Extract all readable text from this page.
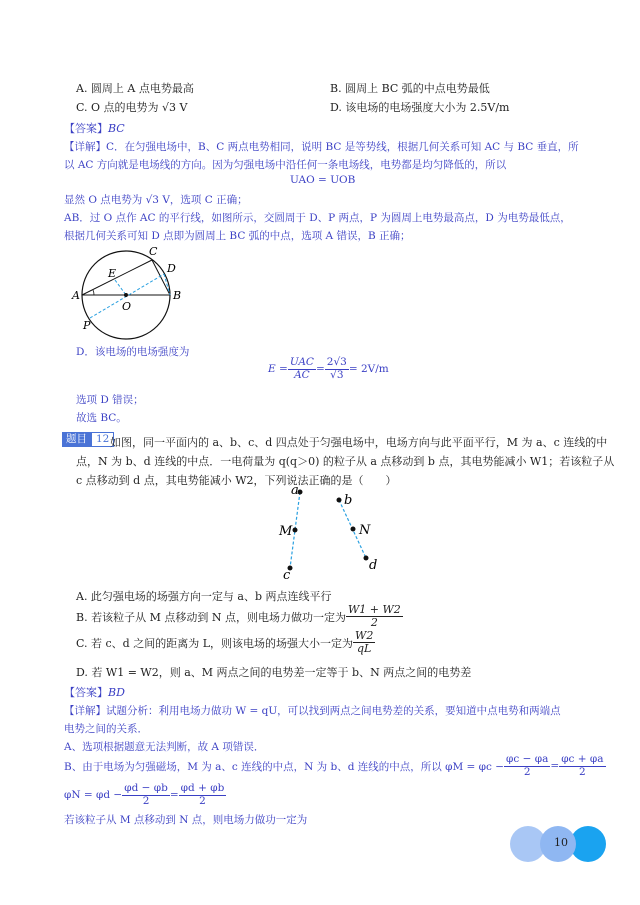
A. 圆周上 A 点电势最高	B. 圆周上 BC 弧的中点电势最低
C. O 点的电势为 √3 V	D. 该电场的电场强度大小为 2.5V/m
【答案】BC
【详解】C．在匀强电场中，B、C 两点电势相同，说明 BC 是等势线，根据几何关系可知 AC 与 BC 垂直，所
以 AC 方向就是电场线的方向。因为匀强电场中沿任何一条电场线，电势都是均匀降低的，所以
UAO = UOB
显然 O 点电势为 √3 V，选项 C 正确；
AB．过 O 点作 AC 的平行线，如图所示，交圆周于 D、P 两点，P 为圆周上电势最高点，D 为电势最低点，
根据几何关系可知 D 点即为圆周上 BC 弧的中点，选项 A 错误，B 正确；
A	B
C
D
E
O
P
D．该电场的电场强度为
$E = \frac{\text{UAC}}{AC} = \frac{2√3}{√3} = 2V/m$
选项 D 错误；
故选 BC。
题目 12 如图，同一平面内的 a、b、c、d 四点处于匀强电场中，电场方向与此平面平行，M 为 a、c 连线的中
点，N 为 b、d 连线的中点．一电荷量为 q(q＞0) 的粒子从 a 点移动到 b 点，其电势能减小 W1；若该粒子从
c 点移动到 d 点，其电势能减小 W2，下列说法正确的是（　　）
a
b
M	N
c
d
A. 此匀强电场的场强方向一定与 a、b 两点连线平行
B. 若该粒子从 M 点移动到 N 点，则电场力做功一定为 $\frac{W1 + W2}{2}$
C. 若 c、d 之间的距离为 L，则该电场的场强大小一定为 $\frac{W2}{qL}$
D. 若 W1 = W2，则 a、M 两点之间的电势差一定等于 b、N 两点之间的电势差
【答案】BD
【详解】试题分析：利用电场力做功 W = qU，可以找到两点之间电势差的关系，要知道中点电势和两端点
电势之间的关系．
A、选项根据题意无法判断，故 A 项错误．
B、由于电场为匀强磁场，M 为 a、c 连线的中点，N 为 b、d 连线的中点，所以 $\varphi M = \varphi c - \frac{\varphi c - \varphi a}{2} = \frac{\varphi c + \varphi a}{2}$
$\varphi N = \varphi d - \frac{\varphi d - \varphi b}{2} = \frac{\varphi d + \varphi b}{2}$
若该粒子从 M 点移动到 N 点，则电场力做功一定为
10
